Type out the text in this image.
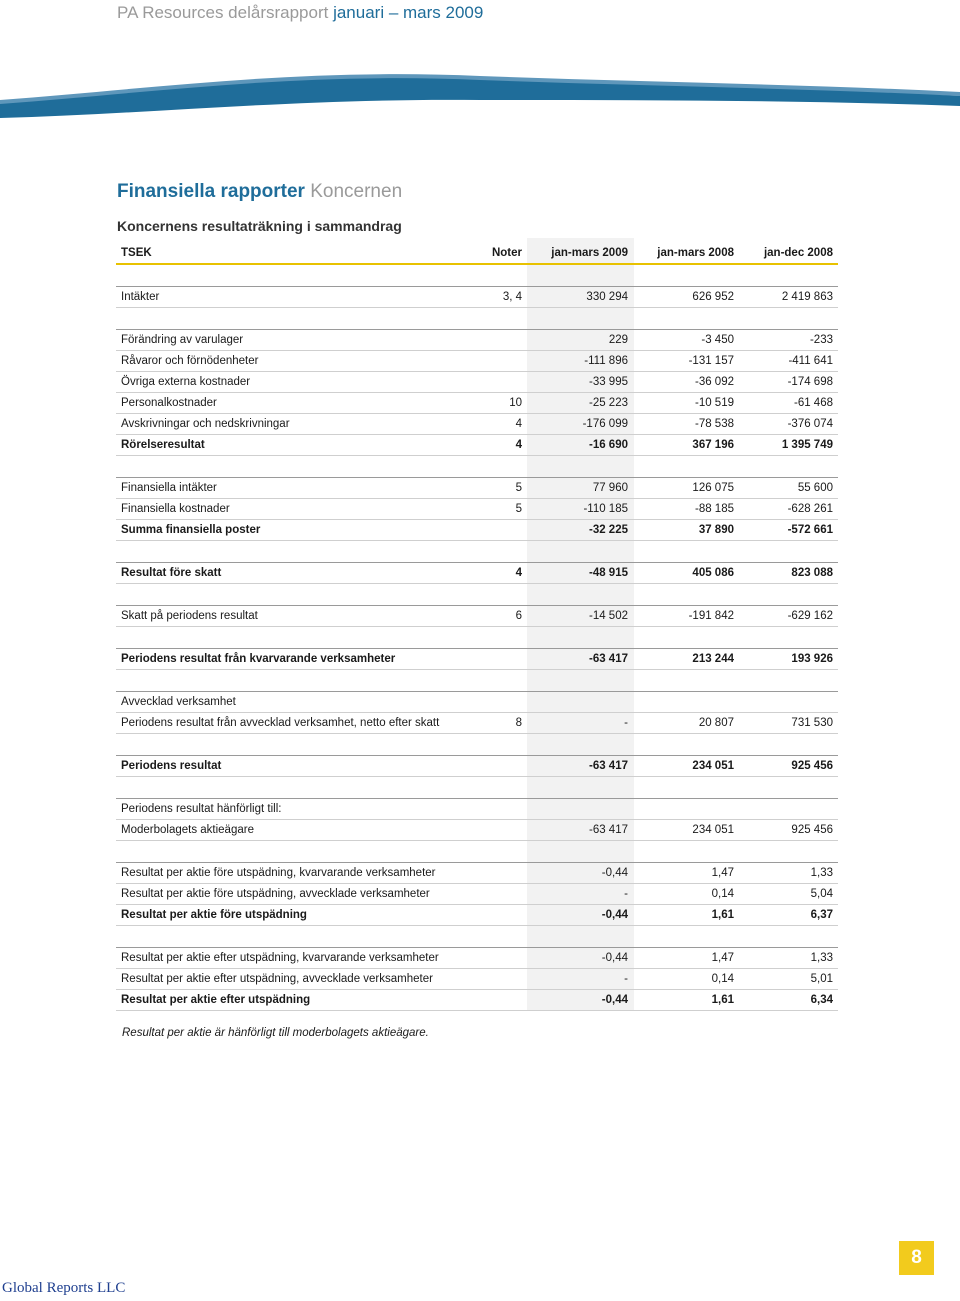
PA Resources delårsrapport januari – mars 2009
Finansiella rapporter Koncernen
Koncernens resultaträkning i sammandrag
TSEK	Noter	jan-mars 2009	jan-mars 2008	jan-dec 2008

Intäkter	3, 4	330 294	626 952	2 419 863

Förändring av varulager		229	-3 450	-233
Råvaror och förnödenheter		-111 896	-131 157	-411 641
Övriga externa kostnader		-33 995	-36 092	-174 698
Personalkostnader	10	-25 223	-10 519	-61 468
Avskrivningar och nedskrivningar	4	-176 099	-78 538	-376 074
Rörelseresultat	4	-16 690	367 196	1 395 749

Finansiella intäkter	5	77 960	126 075	55 600
Finansiella kostnader	5	-110 185	-88 185	-628 261
Summa finansiella poster		-32 225	37 890	-572 661

Resultat före skatt	4	-48 915	405 086	823 088

Skatt på periodens resultat	6	-14 502	-191 842	-629 162

Periodens resultat från kvarvarande verksamheter		-63 417	213 244	193 926

Avvecklad verksamhet				
Periodens resultat från avvecklad verksamhet, netto efter skatt	8	-	20 807	731 530

Periodens resultat		-63 417	234 051	925 456

Periodens resultat hänförligt till:				
Moderbolagets aktieägare		-63 417	234 051	925 456

Resultat per aktie före utspädning, kvarvarande verksamheter		-0,44	1,47	1,33
Resultat per aktie före utspädning, avvecklade verksamheter		-	0,14	5,04
Resultat per aktie före utspädning		-0,44	1,61	6,37

Resultat per aktie efter utspädning, kvarvarande verksamheter		-0,44	1,47	1,33
Resultat per aktie efter utspädning, avvecklade verksamheter		-	0,14	5,01
Resultat per aktie efter utspädning		-0,44	1,61	6,34
Resultat per aktie är hänförligt till moderbolagets aktieägare.
Global Reports LLC
8
